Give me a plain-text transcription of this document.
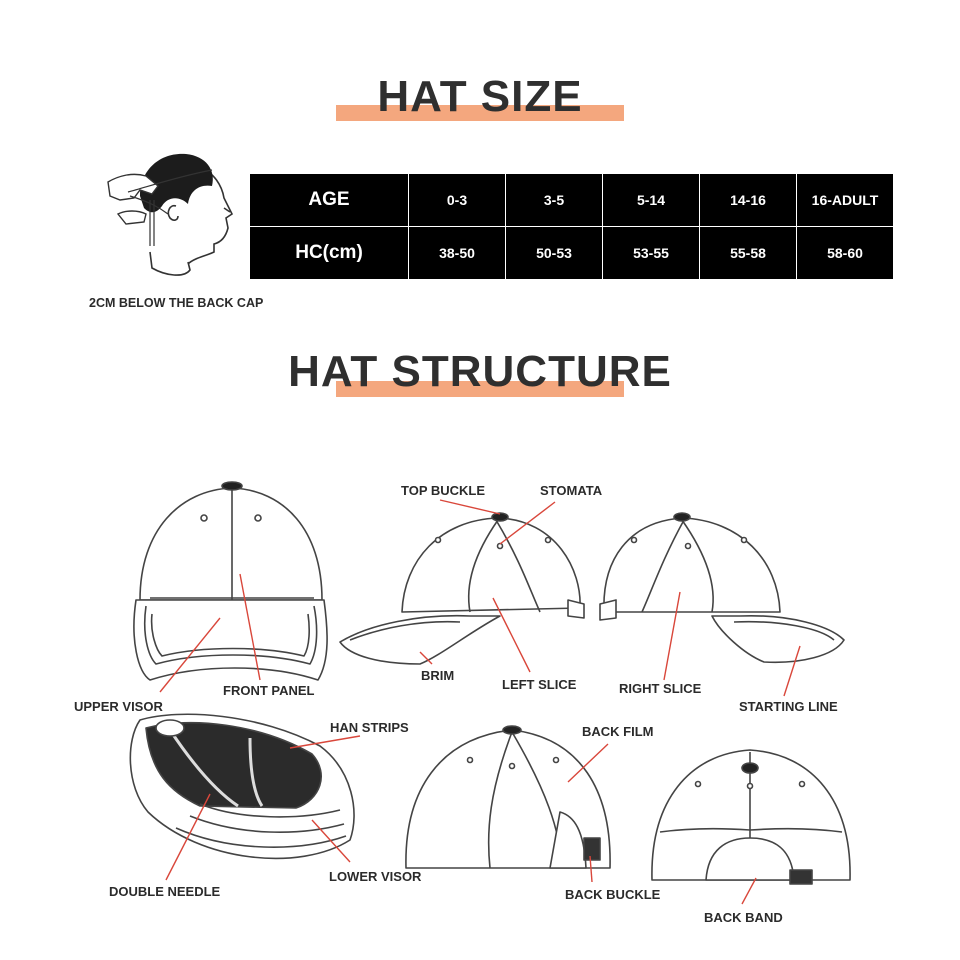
HAT SIZE
2CM BELOW THE BACK CAP
AGE	0-3	3-5	5-14	14-16	16-ADULT
HC(cm)	38-50	50-53	53-55	55-58	58-60
HAT STRUCTURE
TOP BUCKLE	STOMATA
BRIM
LEFT SLICE	RIGHT SLICE
UPPER VISOR
FRONT PANEL
STARTING LINE
HAN STRIPS	BACK FILM
DOUBLE NEEDLE
LOWER VISOR
BACK BUCKLE
BACK BAND
